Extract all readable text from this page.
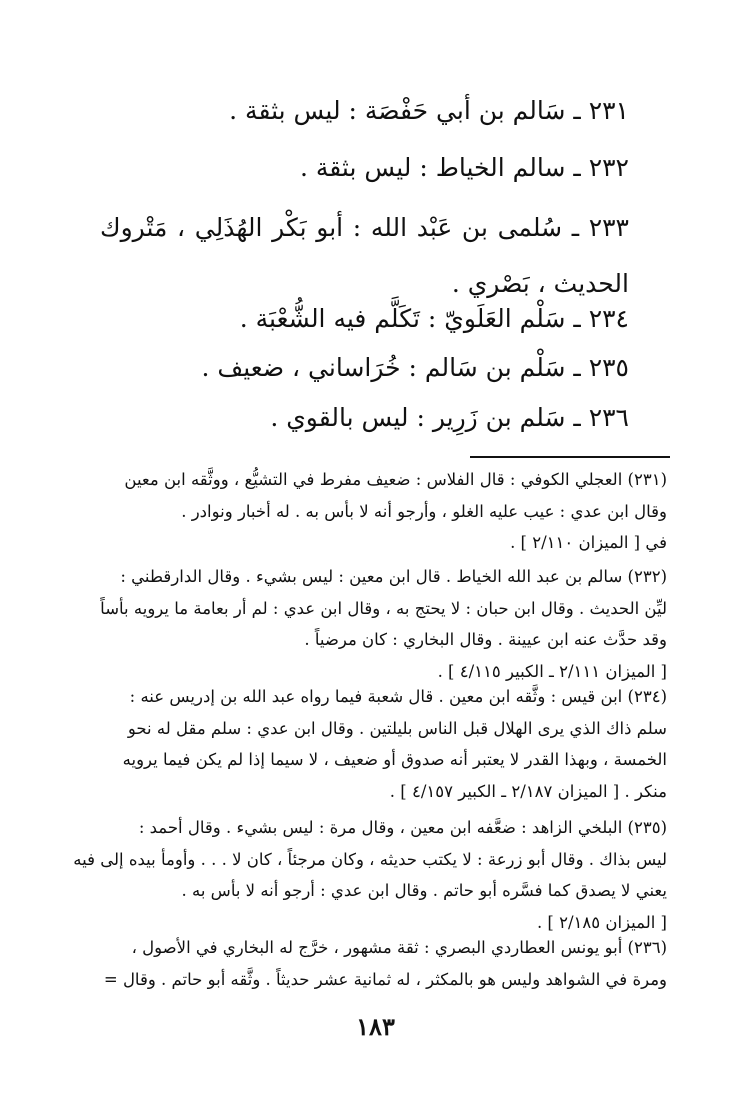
٢٣١ ـ سَالم بن أبي حَفْصَة : ليس بثقة .
٢٣٢ ـ سالم الخياط : ليس بثقة .
٢٣٣ ـ سُلمى بن عَبْد الله : أبو بَكْر الهُذَلِي ، مَتْروك الحديث ، بَصْري .
٢٣٤ ـ سَلْم العَلَويّ : تَكَلَّم فيه الشُّعْبَة .
٢٣٥ ـ سَلْم بن سَالم : خُرَاساني ، ضعيف .
٢٣٦ ـ سَلم بن زَرِير : ليس بالقوي .
(٢٣١) العجلي الكوفي : قال الفلاس : ضعيف مفرط في التشيُّع ، ووثَّقه ابن معين
وقال ابن عدي : عيب عليه الغلو ، وأرجو أنه لا بأس به . له أخبار ونوادر .
في [ الميزان ٢/١١٠ ] .
(٢٣٢) سالم بن عبد الله الخياط . قال ابن معين : ليس بشيء . وقال الدارقطني :
ليِّن الحديث . وقال ابن حبان : لا يحتج به ، وقال ابن عدي : لم أر بعامة ما يرويه بأساً
وقد حدَّث عنه ابن عيينة . وقال البخاري : كان مرضياً .
[ الميزان ٢/١١١ ـ الكبير ٤/١١٥ ] .
(٢٣٤) ابن قيس : وثَّقه ابن معين . قال شعبة فيما رواه عبد الله بن إدريس عنه :
سلم ذاك الذي يرى الهلال قبل الناس بليلتين . وقال ابن عدي : سلم مقل له نحو
الخمسة ، وبهذا القدر لا يعتبر أنه صدوق أو ضعيف ، لا سيما إذا لم يكن فيما يرويه
منكر . [ الميزان ٢/١٨٧ ـ الكبير ٤/١٥٧ ] .
(٢٣٥) البلخي الزاهد : ضعَّفه ابن معين ، وقال مرة : ليس بشيء . وقال أحمد :
ليس بذاك . وقال أبو زرعة : لا يكتب حديثه ، وكان مرجئاً ، كان لا . . . وأومأ بيده إلى فيه
يعني لا يصدق كما فسَّره أبو حاتم . وقال ابن عدي : أرجو أنه لا بأس به .
[ الميزان ٢/١٨٥ ] .
(٢٣٦) أبو يونس العطاردي البصري : ثقة مشهور ، خرَّج له البخاري في الأصول ،
ومرة في الشواهد وليس هو بالمكثر ، له ثمانية عشر حديثاً . وثَّقه أبو حاتم . وقال =
١٨٣
